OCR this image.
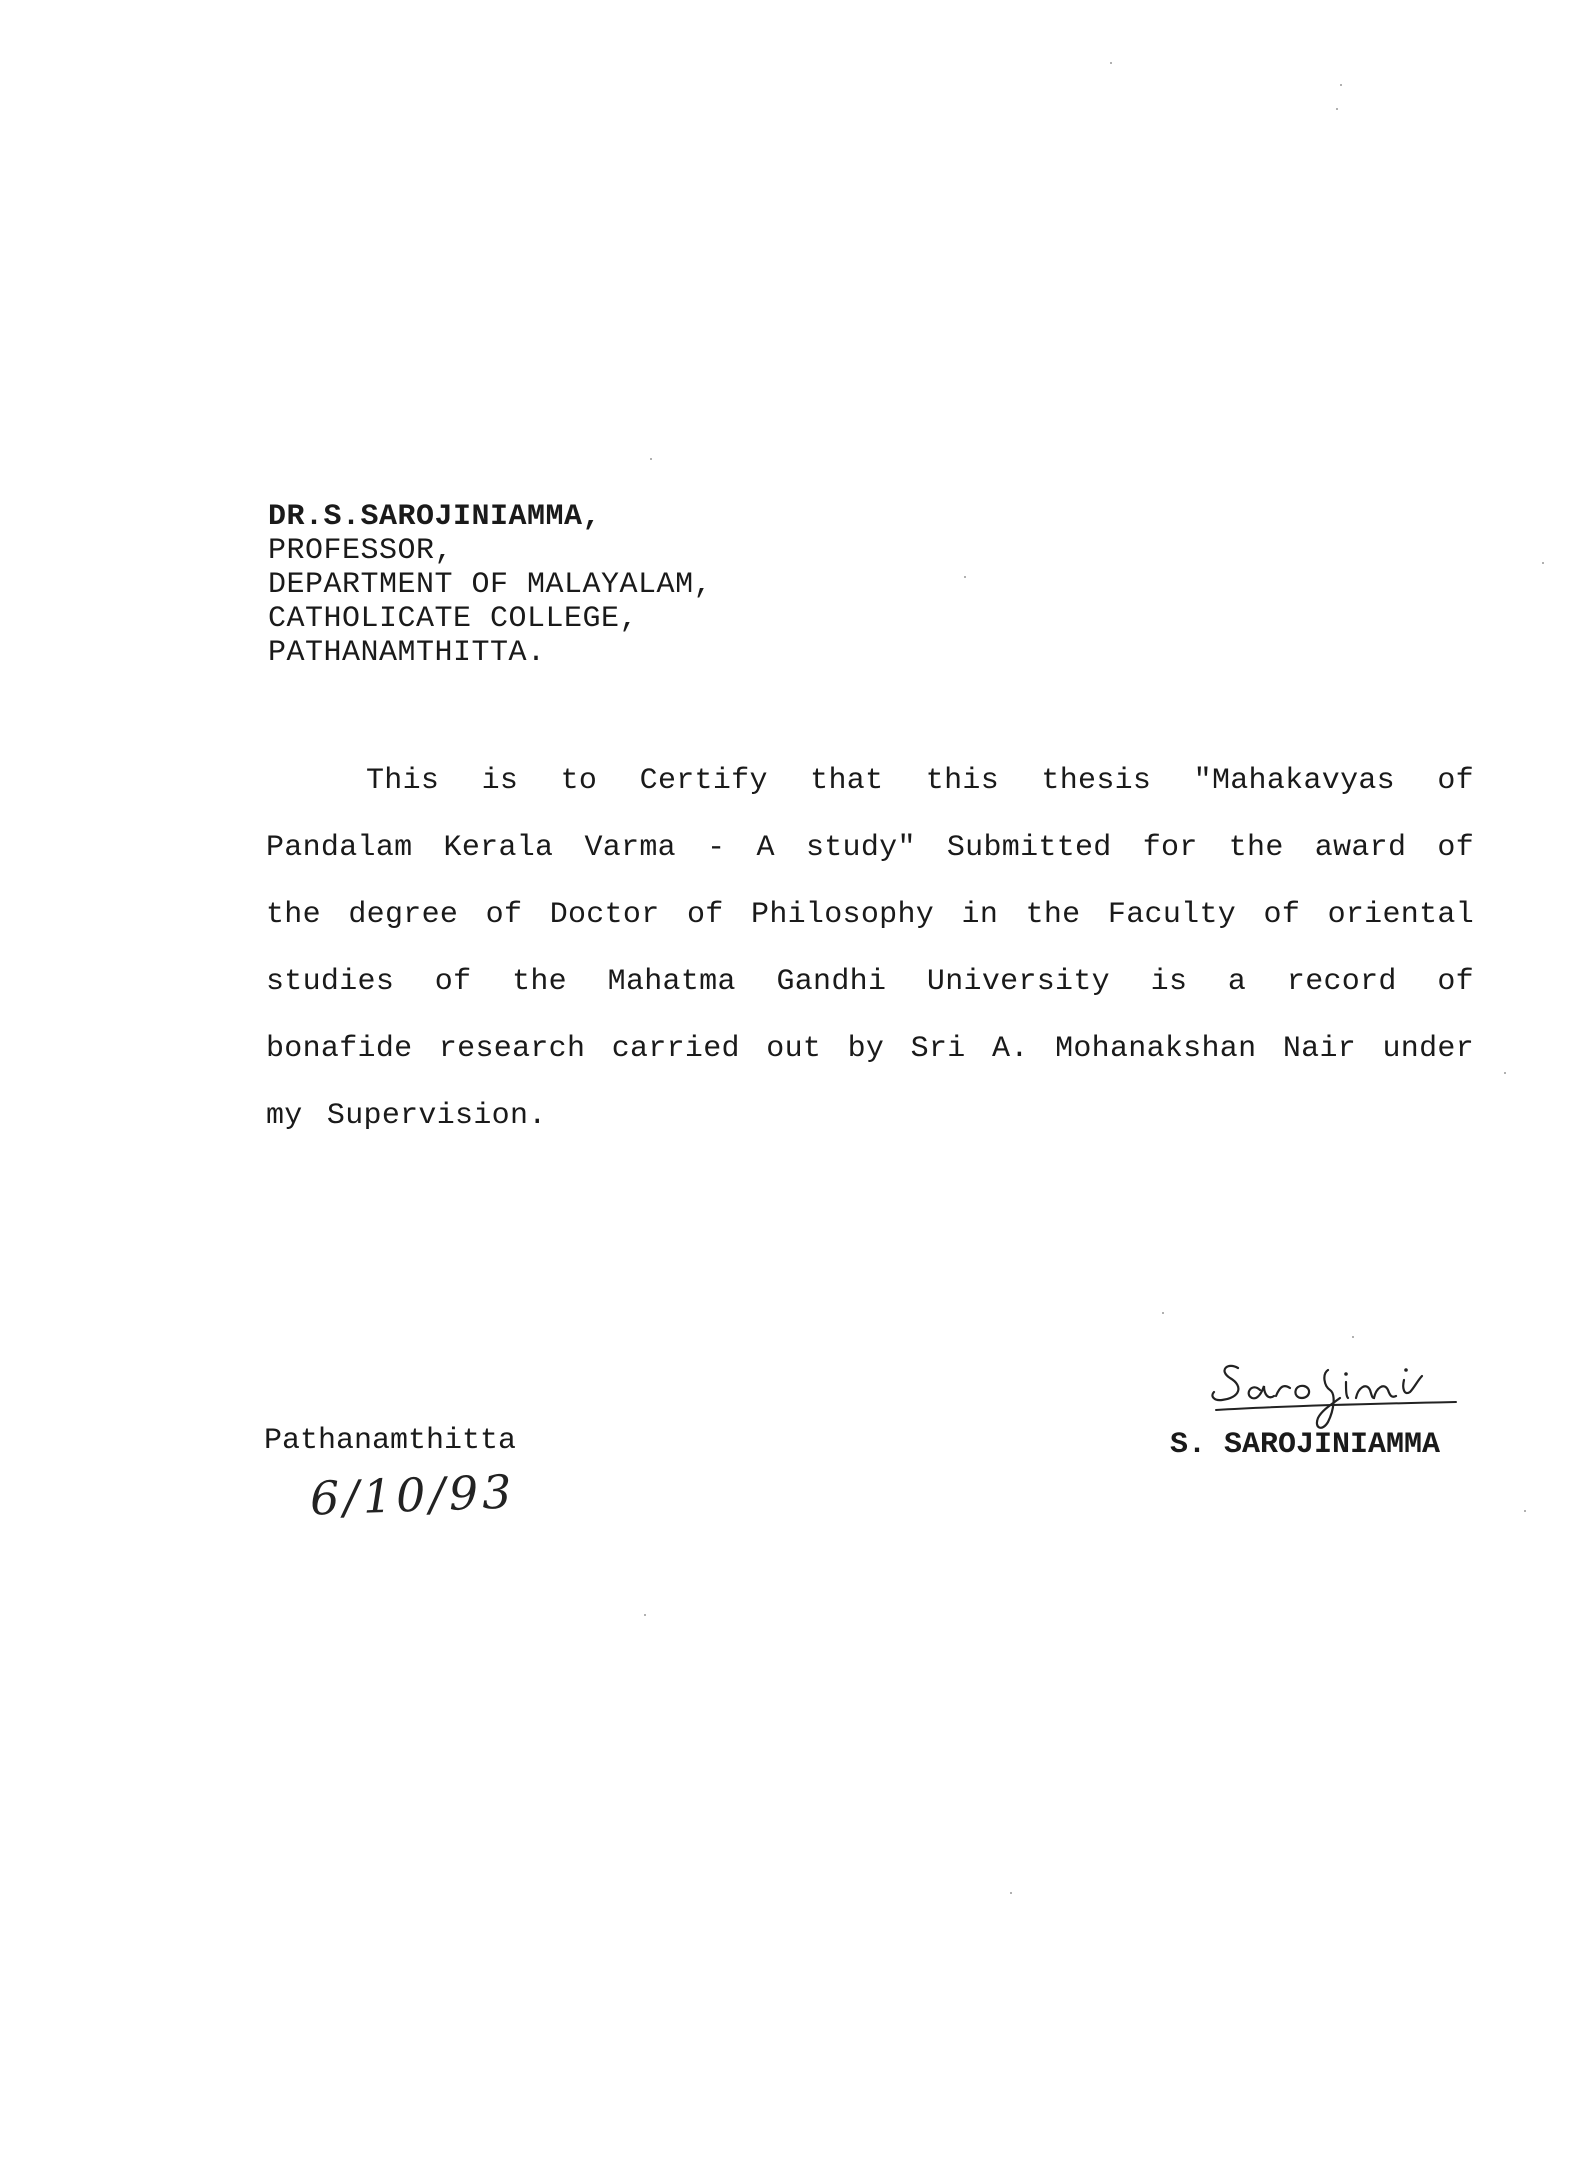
DR.S.SAROJINIAMMA,
PROFESSOR,
DEPARTMENT OF MALAYALAM,
CATHOLICATE COLLEGE,
PATHANAMTHITTA.

This is to Certify that this thesis "Mahakavyas of Pandalam Kerala Varma - A study" Submitted for the award of the degree of Doctor of Philosophy in the Faculty of oriental studies of the Mahatma Gandhi University is a record of bonafide research carried out by Sri A. Mohanakshan Nair under my Supervision.

Pathanamthitta
6/10/93
S. SAROJINIAMMA
